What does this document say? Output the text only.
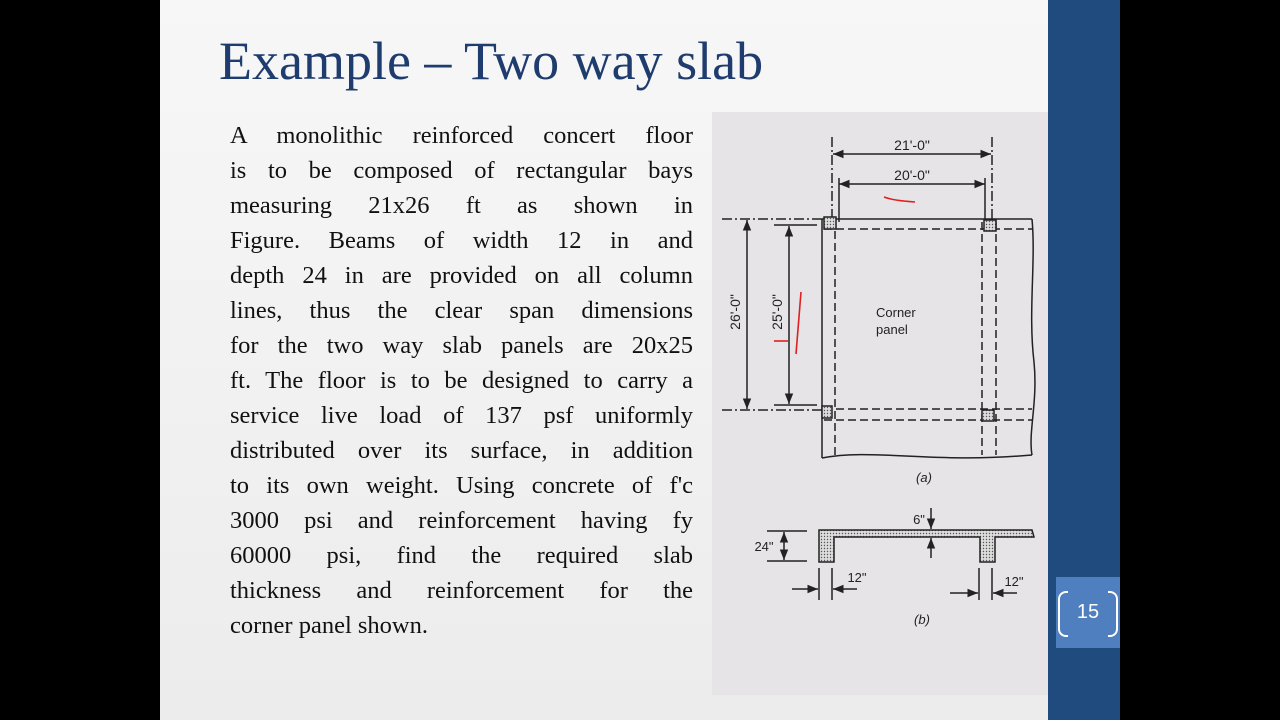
Example – Two way slab
A monolithic reinforced concert floor
is to be composed of rectangular bays
measuring 21x26 ft as shown in
Figure. Beams of width 12 in and
depth 24 in are provided on all column
lines, thus the clear span dimensions
for the two way slab panels are 20x25
ft. The floor is to be designed to carry a
service live load of 137 psf uniformly
distributed over its surface, in addition
to its own weight. Using concrete of f'c
3000 psi and reinforcement having fy
60000 psi, find the required slab
thickness and reinforcement for the
corner panel shown.
21'-0"
20'-0"
26'-0" 25'-0"	Corner
panel
(a)
6"
24"
12"	12"
(b)	15
